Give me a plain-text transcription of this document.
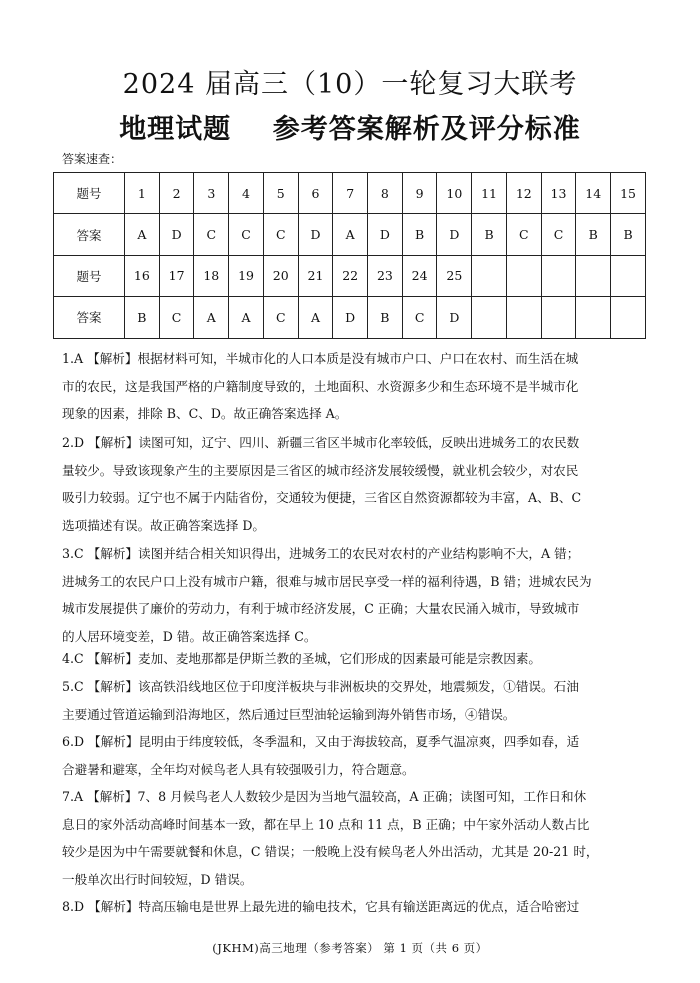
2024 届高三（10）一轮复习大联考
地理试题    参考答案解析及评分标准
答案速查：
题号	1	2	3	4	5	6	7	8	9	10	11	12	13	14	15
答案	A	D	C	C	C	D	A	D	B	D	B	C	C	B	B
题号	16	17	18	19	20	21	22	23	24	25					
答案	B	C	A	A	C	A	D	B	C	D					
1.A 【解析】根据材料可知，半城市化的人口本质是没有城市户口、户口在农村、而生活在城
市的农民，这是我国严格的户籍制度导致的，土地面积、水资源多少和生态环境不是半城市化
现象的因素，排除 B、C、D。故正确答案选择 A。
2.D 【解析】读图可知，辽宁、四川、新疆三省区半城市化率较低，反映出进城务工的农民数
量较少。导致该现象产生的主要原因是三省区的城市经济发展较缓慢，就业机会较少，对农民
吸引力较弱。辽宁也不属于内陆省份，交通较为便捷，三省区自然资源都较为丰富，A、B、C
选项描述有误。故正确答案选择 D。
3.C 【解析】读图并结合相关知识得出，进城务工的农民对农村的产业结构影响不大，A 错；
进城务工的农民户口上没有城市户籍，很难与城市居民享受一样的福利待遇，B 错；进城农民为
城市发展提供了廉价的劳动力，有利于城市经济发展，C 正确；大量农民涌入城市，导致城市
的人居环境变差，D 错。故正确答案选择 C。
4.C 【解析】麦加、麦地那都是伊斯兰教的圣城，它们形成的因素最可能是宗教因素。
5.C 【解析】该高铁沿线地区位于印度洋板块与非洲板块的交界处，地震频发，①错误。石油
主要通过管道运输到沿海地区，然后通过巨型油轮运输到海外销售市场，④错误。
6.D 【解析】昆明由于纬度较低，冬季温和，又由于海拔较高，夏季气温凉爽，四季如春，适
合避暑和避寒，全年均对候鸟老人具有较强吸引力，符合题意。
7.A 【解析】7、8 月候鸟老人人数较少是因为当地气温较高，A 正确；读图可知，工作日和休
息日的家外活动高峰时间基本一致，都在早上 10 点和 11 点，B 正确；中午家外活动人数占比
较少是因为中午需要就餐和休息，C 错误；一般晚上没有候鸟老人外出活动，尤其是 20-21 时，
一般单次出行时间较短，D 错误。
8.D 【解析】特高压输电是世界上最先进的输电技术，它具有输送距离远的优点，适合哈密过
(JKHM)高三地理（参考答案） 第 1 页（共 6 页）
